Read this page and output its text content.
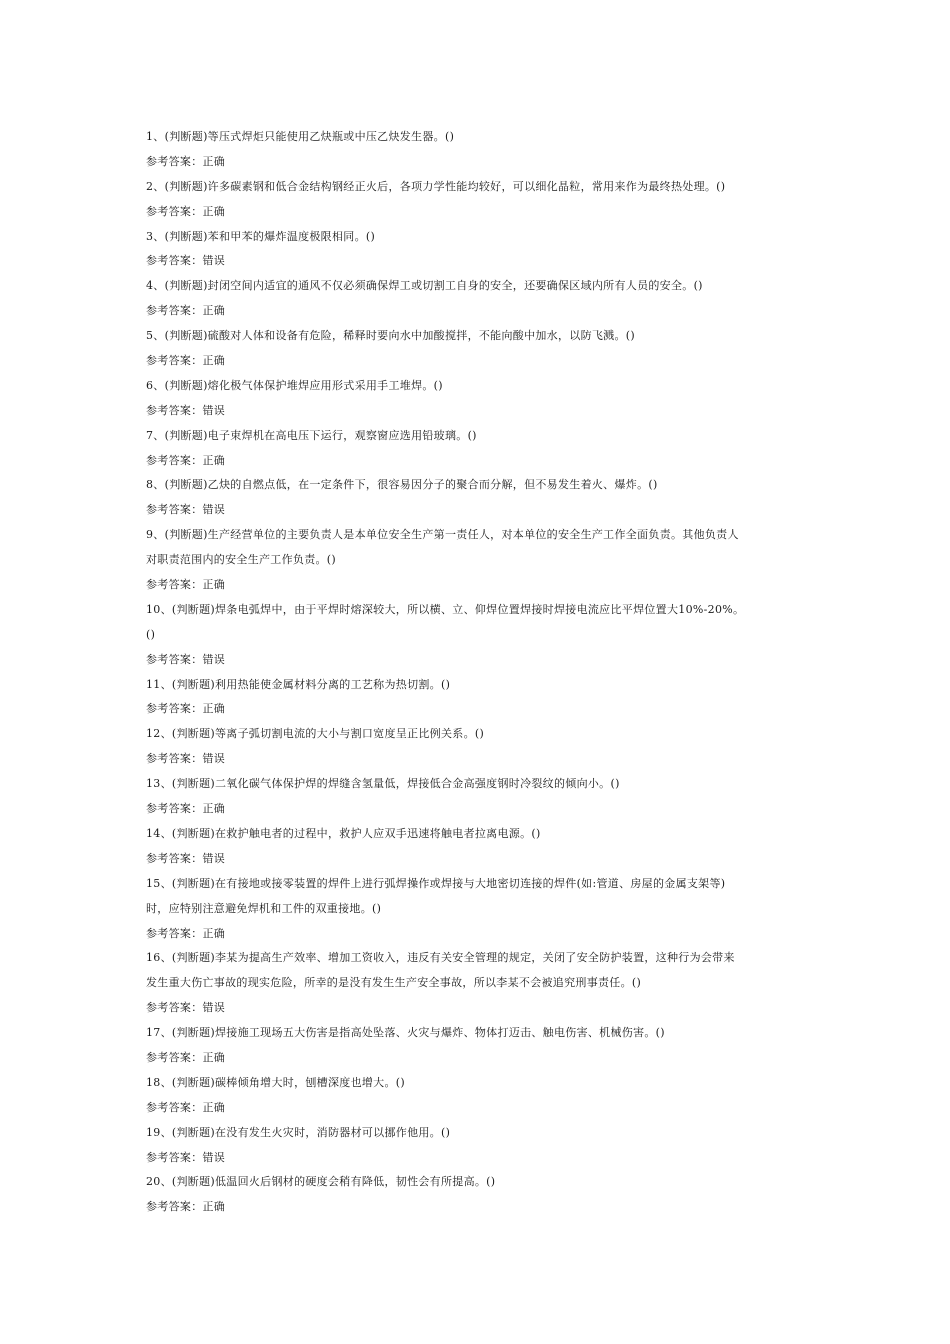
1、(判断题)等压式焊炬只能使用乙炔瓶或中压乙炔发生器。()
参考答案：正确
2、(判断题)许多碳素钢和低合金结构钢经正火后，各项力学性能均较好，可以细化晶粒，常用来作为最终热处理。()
参考答案：正确
3、(判断题)苯和甲苯的爆炸温度极限相同。()
参考答案：错误
4、(判断题)封闭空间内适宜的通风不仅必须确保焊工或切割工自身的安全，还要确保区域内所有人员的安全。()
参考答案：正确
5、(判断题)硫酸对人体和设备有危险，稀释时要向水中加酸搅拌，不能向酸中加水，以防飞溅。()
参考答案：正确
6、(判断题)熔化极气体保护堆焊应用形式采用手工堆焊。()
参考答案：错误
7、(判断题)电子束焊机在高电压下运行，观察窗应选用铅玻璃。()
参考答案：正确
8、(判断题)乙炔的自燃点低，在一定条件下，很容易因分子的聚合而分解，但不易发生着火、爆炸。()
参考答案：错误
9、(判断题)生产经营单位的主要负责人是本单位安全生产第一责任人，对本单位的安全生产工作全面负责。其他负责人
对职责范围内的安全生产工作负责。()
参考答案：正确
10、(判断题)焊条电弧焊中，由于平焊时熔深较大，所以横、立、仰焊位置焊接时焊接电流应比平焊位置大10%-20%。
()
参考答案：错误
11、(判断题)利用热能使金属材料分离的工艺称为热切割。()
参考答案：正确
12、(判断题)等离子弧切割电流的大小与割口宽度呈正比例关系。()
参考答案：错误
13、(判断题)二氧化碳气体保护焊的焊缝含氢量低，焊接低合金高强度钢时冷裂纹的倾向小。()
参考答案：正确
14、(判断题)在救护触电者的过程中，救护人应双手迅速将触电者拉离电源。()
参考答案：错误
15、(判断题)在有接地或接零装置的焊件上进行弧焊操作或焊接与大地密切连接的焊件(如:管道、房屋的金属支架等)
时，应特别注意避免焊机和工件的双重接地。()
参考答案：正确
16、(判断题)李某为提高生产效率、增加工资收入，违反有关安全管理的规定，关闭了安全防护装置，这种行为会带来
发生重大伤亡事故的现实危险，所幸的是没有发生生产安全事故，所以李某不会被追究刑事责任。()
参考答案：错误
17、(判断题)焊接施工现场五大伤害是指高处坠落、火灾与爆炸、物体打迈击、触电伤害、机械伤害。()
参考答案：正确
18、(判断题)碳棒倾角增大时，刨槽深度也增大。()
参考答案：正确
19、(判断题)在没有发生火灾时，消防器材可以挪作他用。()
参考答案：错误
20、(判断题)低温回火后钢材的硬度会稍有降低，韧性会有所提高。()
参考答案：正确
